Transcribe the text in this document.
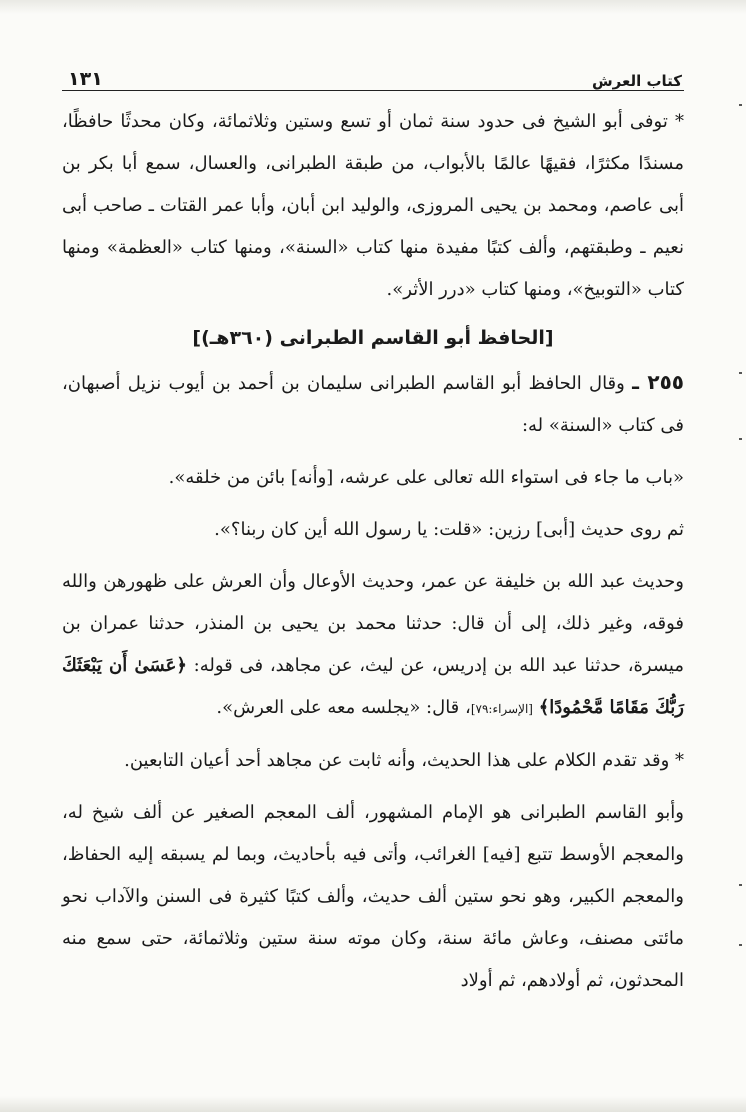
كتاب العرش
١٣١

* توفى أبو الشيخ فى حدود سنة ثمان أو تسع وستين وثلاثمائة، وكان محدثًا حافظًا، مسندًا مكثرًا، فقيهًا عالمًا بالأبواب، من طبقة الطبرانى، والعسال، سمع أبا بكر بن أبى عاصم، ومحمد بن يحيى المروزى، والوليد ابن أبان، وأبا عمر القتات ـ صاحب أبى نعيم ـ وطبقتهم، وألف كتبًا مفيدة منها كتاب «السنة»، ومنها كتاب «العظمة» ومنها كتاب «التوبيخ»، ومنها كتاب «درر الأثر».

[الحافظ أبو القاسم الطبرانى (٣٦٠هـ)]

٢٥٥ ـ وقال الحافظ أبو القاسم الطبرانى سليمان بن أحمد بن أيوب نزيل أصبهان، فى كتاب «السنة» له:

«باب ما جاء فى استواء الله تعالى على عرشه، [وأنه] بائن من خلقه».

ثم روى حديث [أبى] رزين: «قلت: يا رسول الله أين كان ربنا؟».

وحديث عبد الله بن خليفة عن عمر، وحديث الأوعال وأن العرش على ظهورهن والله فوقه، وغير ذلك، إلى أن قال: حدثنا محمد بن يحيى بن المنذر، حدثنا عمران بن ميسرة، حدثنا عبد الله بن إدريس، عن ليث، عن مجاهد، فى قوله: ﴿عَسَىٰ أَن يَبْعَثَكَ رَبُّكَ مَقَامًا مَّحْمُودًا﴾ [الإسراء:٧٩]، قال: «يجلسه معه على العرش».

* وقد تقدم الكلام على هذا الحديث، وأنه ثابت عن مجاهد أحد أعيان التابعين.

وأبو القاسم الطبرانى هو الإمام المشهور، ألف المعجم الصغير عن ألف شيخ له، والمعجم الأوسط تتبع [فيه] الغرائب، وأتى فيه بأحاديث، وبما لم يسبقه إليه الحفاظ، والمعجم الكبير، وهو نحو ستين ألف حديث، وألف كتبًا كثيرة فى السنن والآداب نحو مائتى مصنف، وعاش مائة سنة، وكان موته سنة ستين وثلاثمائة، حتى سمع منه المحدثون، ثم أولادهم، ثم أولاد
